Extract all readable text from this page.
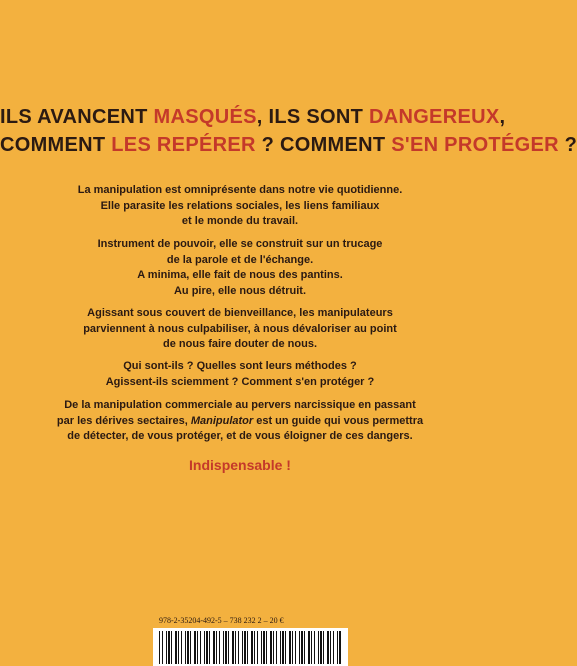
ILS AVANCENT MASQUÉS, ILS SONT DANGEREUX,
COMMENT LES REPÉRER ? COMMENT S'EN PROTÉGER ?
La manipulation est omniprésente dans notre vie quotidienne.
Elle parasite les relations sociales, les liens familiaux
et le monde du travail.
Instrument de pouvoir, elle se construit sur un trucage
de la parole et de l'échange.
A minima, elle fait de nous des pantins.
Au pire, elle nous détruit.
Agissant sous couvert de bienveillance, les manipulateurs
parviennent à nous culpabiliser, à nous dévaloriser au point
de nous faire douter de nous.
Qui sont-ils ? Quelles sont leurs méthodes ?
Agissent-ils sciemment ? Comment s'en protéger ?
De la manipulation commerciale au pervers narcissique en passant
par les dérives sectaires, Manipulator est un guide qui vous permettra
de détecter, de vous protéger, et de vous éloigner de ces dangers.
Indispensable !
978-2-35204-492-5 – 738 232 2 – 20 €
